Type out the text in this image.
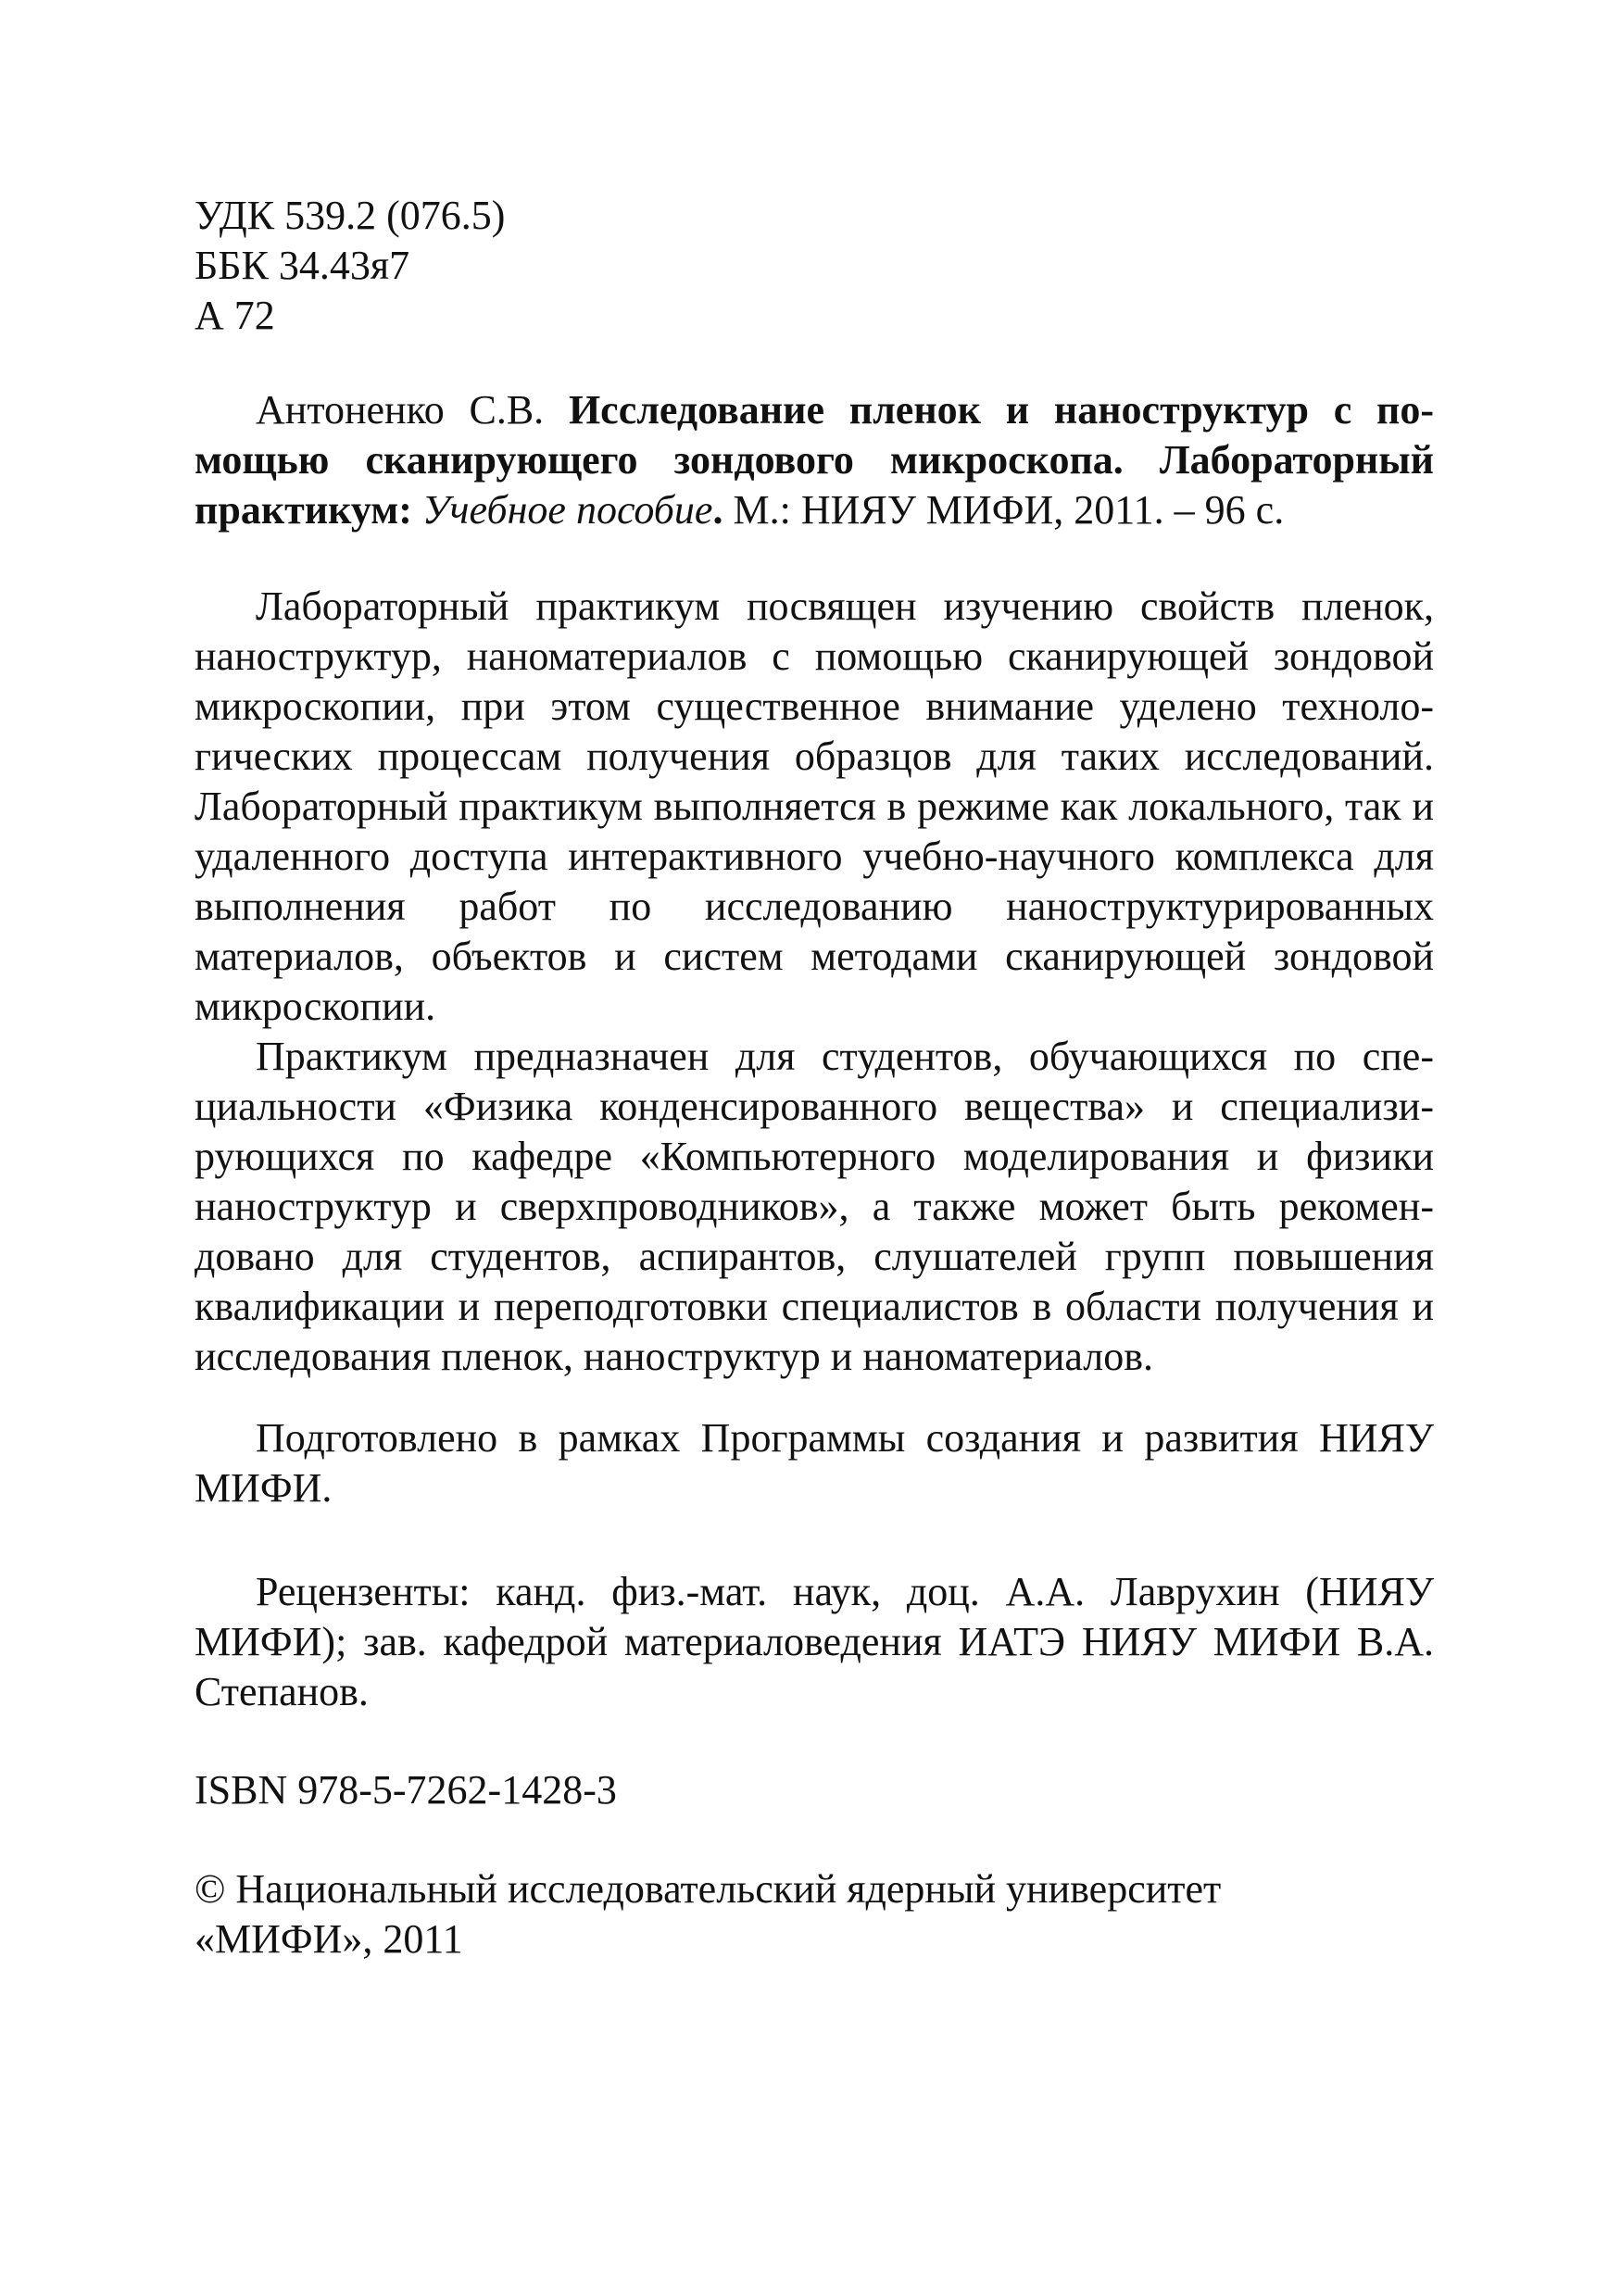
УДК 539.2 (076.5)
ББК 34.43я7
А 72

Антоненко С.В. Исследование пленок и наноструктур с помощью сканирующего зондового микроскопа. Лабораторный практикум: Учебное пособие. М.: НИЯУ МИФИ, 2011. – 96 с.

Лабораторный практикум посвящен изучению свойств пленок, наноструктур, наноматериалов с помощью сканирующей зондовой микроскопии, при этом существенное внимание уделено технологических процессам получения образцов для таких исследований. Лабораторный практикум выполняется в режиме как локального, так и удаленного доступа интерактивного учебно-научного комплекса для выполнения работ по исследованию наноструктурированных материалов, объектов и систем методами сканирующей зондовой микроскопии.

Практикум предназначен для студентов, обучающихся по специальности «Физика конденсированного вещества» и специализирующихся по кафедре «Компьютерного моделирования и физики наноструктур и сверхпроводников», а также может быть рекомендовано для студентов, аспирантов, слушателей групп повышения квалификации и переподготовки специалистов в области получения и исследования пленок, наноструктур и наноматериалов.

Подготовлено в рамках Программы создания и развития НИЯУ МИФИ.

Рецензенты: канд. физ.-мат. наук, доц. А.А. Лаврухин (НИЯУ МИФИ); зав. кафедрой материаловедения ИАТЭ НИЯУ МИФИ В.А. Степанов.

ISBN 978-5-7262-1428-3

© Национальный исследовательский ядерный университет
«МИФИ», 2011
